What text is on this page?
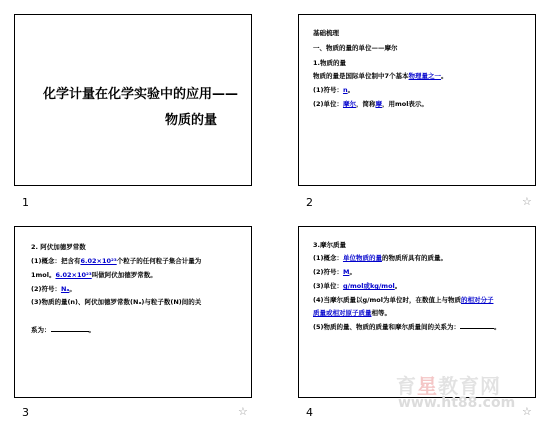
化学计量在化学实验中的应用——
物质的量
1
基础梳理
一、物质的量的单位——摩尔
1.物质的量
物质的量是国际单位制中7个基本物理量之一。
(1)符号：n。
(2)单位：摩尔，简称摩，用mol表示。
2	☆
2. 阿伏加德罗常数
(1)概念：把含有6.02×10²³个粒子的任何粒子集合计量为
1mol。6.02×10²³叫做阿伏加德罗常数。
(2)符号：Nₐ。
(3)物质的量(n)、阿伏加德罗常数(Nₐ)与粒子数(N)间的关
系为：	。
3	☆
3.摩尔质量
(1)概念：单位物质的量的物质所具有的质量。
(2)符号：M。
(3)单位：g/mol或kg/mol。
(4)当摩尔质量以g/mol为单位时，在数值上与物质的相对分子
质量或相对原子质量相等。
(5)物质的量、物质的质量和摩尔质量间的关系为：	。
4	☆
育星教育网
www.ht88.com
